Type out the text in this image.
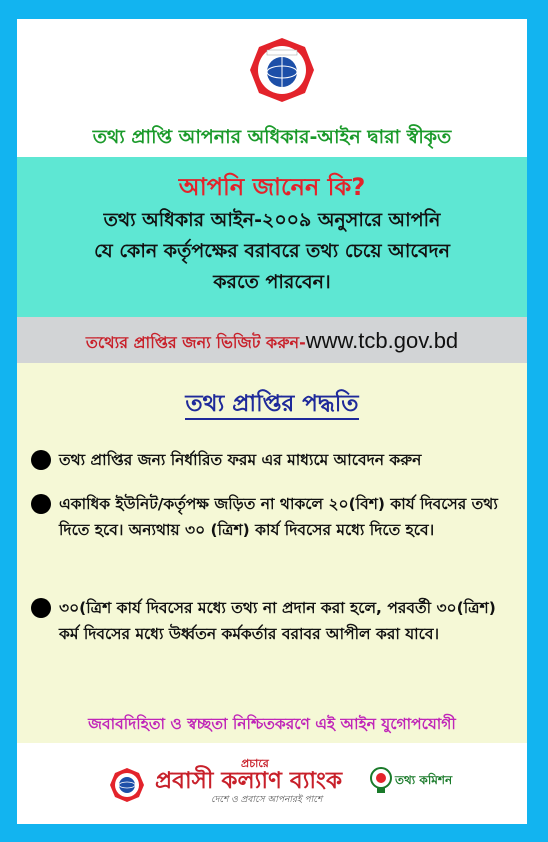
তথ্য প্রাপ্তি আপনার অধিকার-আইন দ্বারা স্বীকৃত
আপনি জানেন কি?
তথ্য অধিকার আইন-২০০৯ অনুসারে আপনি
যে কোন কর্তৃপক্ষের বরাবরে তথ্য চেয়ে আবেদন
করতে পারবেন।
তথ্যের প্রাপ্তির জন্য ভিজিট করুন-www.tcb.gov.bd
তথ্য প্রাপ্তির পদ্ধতি
তথ্য প্রাপ্তির জন্য নির্ধারিত ফরম এর মাধ্যমে আবেদন করুন
একাধিক ইউনিট/কর্তৃপক্ষ জড়িত না থাকলে ২০(বিশ) কার্য দিবসের তথ্য দিতে হবে। অন্যথায় ৩০ (ত্রিশ) কার্য দিবসের মধ্যে দিতে হবে।
৩০(ত্রিশ কার্য দিবসের মধ্যে তথ্য না প্রদান করা হলে, পরবর্তী ৩০(ত্রিশ) কর্ম দিবসের মধ্যে উর্ধ্বতন কর্মকর্তার বরাবর আপীল করা যাবে।
জবাবদিহিতা ও স্বচ্ছতা নিশ্চিতকরণে এই আইন যুগোপযোগী
প্রচারে
প্রবাসী কল্যাণ ব্যাংক
দেশে ও প্রবাসে আপনারই পাশে
তথ্য কমিশন
